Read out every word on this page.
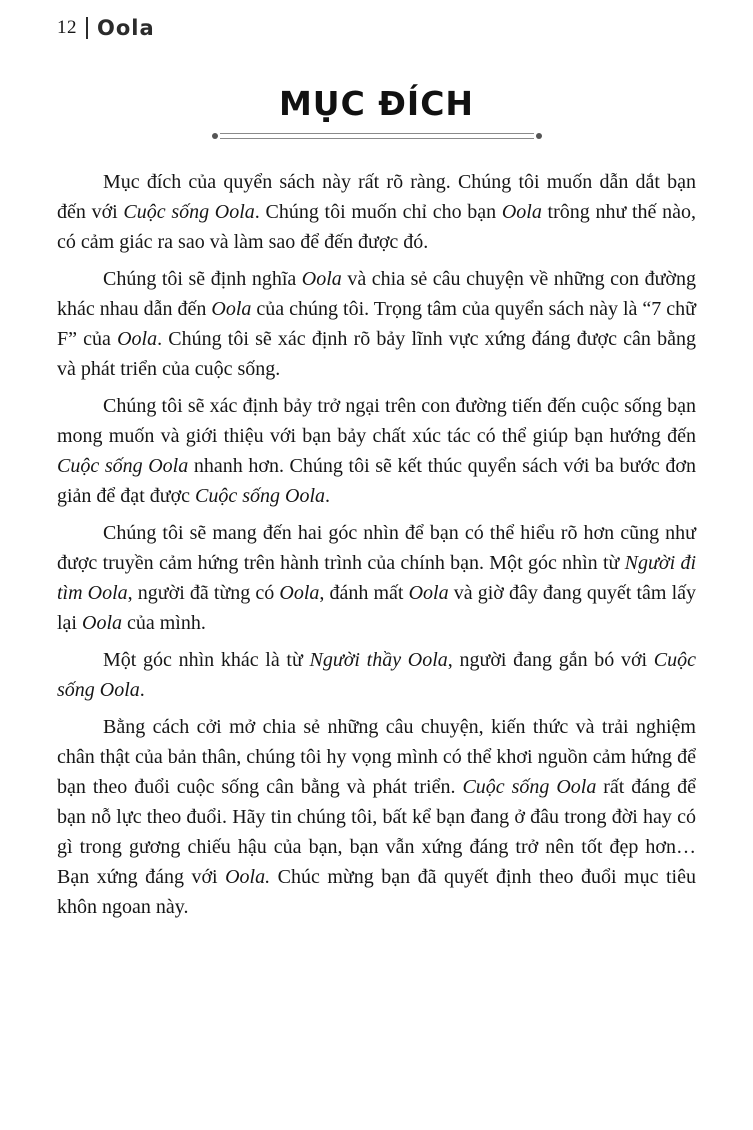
12 Oola
MỤC ĐÍCH

Mục đích của quyển sách này rất rõ ràng. Chúng tôi muốn dẫn dắt bạn đến với Cuộc sống Oola. Chúng tôi muốn chỉ cho bạn Oola trông như thế nào, có cảm giác ra sao và làm sao để đến được đó.

Chúng tôi sẽ định nghĩa Oola và chia sẻ câu chuyện về những con đường khác nhau dẫn đến Oola của chúng tôi. Trọng tâm của quyển sách này là “7 chữ F” của Oola. Chúng tôi sẽ xác định rõ bảy lĩnh vực xứng đáng được cân bằng và phát triển của cuộc sống.

Chúng tôi sẽ xác định bảy trở ngại trên con đường tiến đến cuộc sống bạn mong muốn và giới thiệu với bạn bảy chất xúc tác có thể giúp bạn hướng đến Cuộc sống Oola nhanh hơn. Chúng tôi sẽ kết thúc quyển sách với ba bước đơn giản để đạt được Cuộc sống Oola.

Chúng tôi sẽ mang đến hai góc nhìn để bạn có thể hiểu rõ hơn cũng như được truyền cảm hứng trên hành trình của chính bạn. Một góc nhìn từ Người đi tìm Oola, người đã từng có Oola, đánh mất Oola và giờ đây đang quyết tâm lấy lại Oola của mình.

Một góc nhìn khác là từ Người thầy Oola, người đang gắn bó với Cuộc sống Oola.

Bằng cách cởi mở chia sẻ những câu chuyện, kiến thức và trải nghiệm chân thật của bản thân, chúng tôi hy vọng mình có thể khơi nguồn cảm hứng để bạn theo đuổi cuộc sống cân bằng và phát triển. Cuộc sống Oola rất đáng để bạn nỗ lực theo đuổi. Hãy tin chúng tôi, bất kể bạn đang ở đâu trong đời hay có gì trong gương chiếu hậu của bạn, bạn vẫn xứng đáng trở nên tốt đẹp hơn… Bạn xứng đáng với Oola. Chúc mừng bạn đã quyết định theo đuổi mục tiêu khôn ngoan này.
